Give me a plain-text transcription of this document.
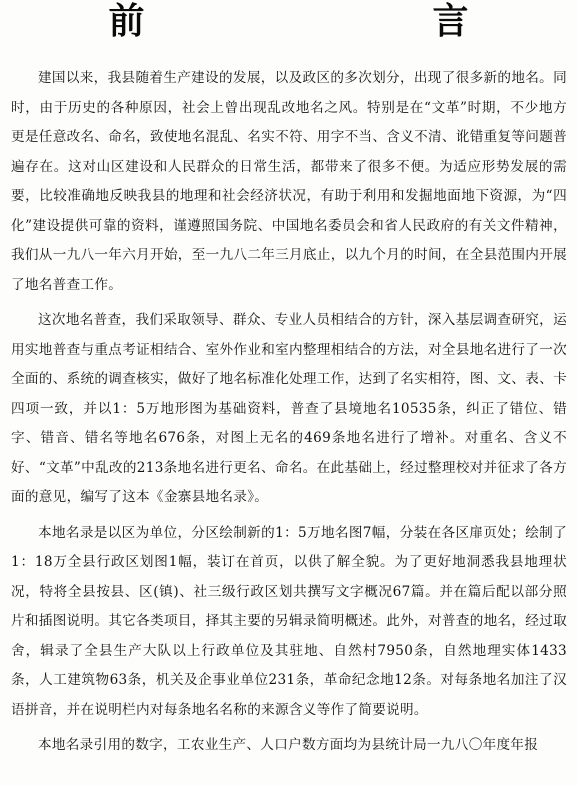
前　　言

建国以来，我县随着生产建设的发展，以及政区的多次划分，出现了很多新的地名。同时，由于历史的各种原因，社会上曾出现乱改地名之风。特别是在“文革”时期，不少地方更是任意改名、命名，致使地名混乱、名实不符、用字不当、含义不清、讹错重复等问题普遍存在。这对山区建设和人民群众的日常生活，都带来了很多不便。为适应形势发展的需要，比较准确地反映我县的地理和社会经济状况，有助于利用和发掘地面地下资源，为“四化”建设提供可靠的资料，谨遵照国务院、中国地名委员会和省人民政府的有关文件精神，我们从一九八一年六月开始，至一九八二年三月底止，以九个月的时间，在全县范围内开展了地名普查工作。

这次地名普查，我们采取领导、群众、专业人员相结合的方针，深入基层调查研究，运用实地普查与重点考证相结合、室外作业和室内整理相结合的方法，对全县地名进行了一次全面的、系统的调查核实，做好了地名标准化处理工作，达到了名实相符，图、文、表、卡四项一致，并以1：5万地形图为基础资料，普查了县境地名10535条，纠正了错位、错字、错音、错名等地名676条，对图上无名的469条地名进行了增补。对重名、含义不好、“文革”中乱改的213条地名进行更名、命名。在此基础上，经过整理校对并征求了各方面的意见，编写了这本《金寨县地名录》。

本地名录是以区为单位，分区绘制新的1：5万地名图7幅，分装在各区扉页处；绘制了1：18万全县行政区划图1幅，装订在首页，以供了解全貌。为了更好地洞悉我县地理状况，特将全县按县、区(镇)、社三级行政区划共撰写文字概况67篇。并在篇后配以部分照片和插图说明。其它各类项目，择其主要的另辑录简明概述。此外，对普查的地名，经过取舍，辑录了全县生产大队以上行政单位及其驻地、自然村7950条，自然地理实体1433条，人工建筑物63条，机关及企事业单位231条，革命纪念地12条。对每条地名加注了汉语拼音，并在说明栏内对每条地名名称的来源含义等作了简要说明。

本地名录引用的数字，工农业生产、人口户数方面均为县统计局一九八〇年度年报
